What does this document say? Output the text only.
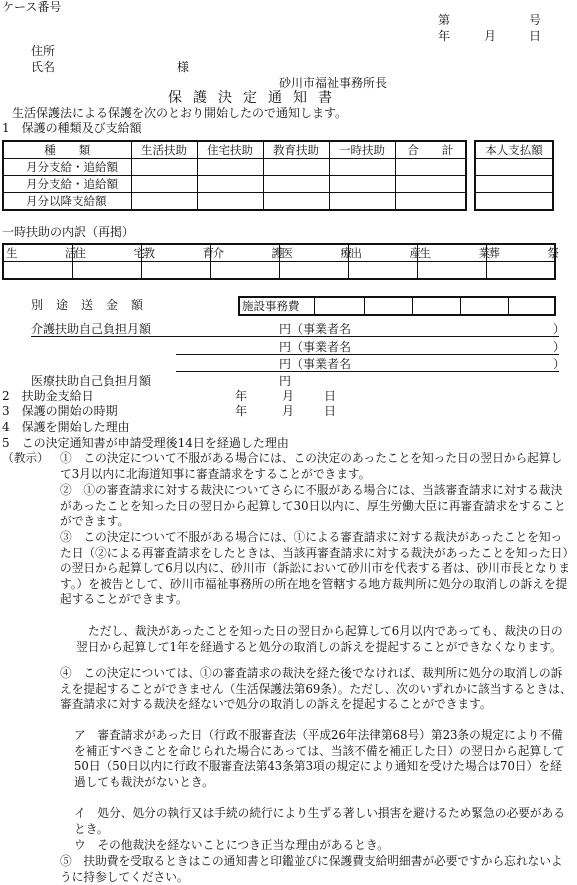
ケース番号
第	号
年	月	日
住所
氏名	様
砂川市福祉事務所長
保護決定通知書
生活保護法による保護を次のとおり開始したので通知します。
1　保護の種類及び支給額
種　　類	生活扶助	住宅扶助	教育扶助	一時扶助	合　　計
月分支給・追給額					
月分支給・追給額					
月分以降支給額					
本人支払額

一時扶助の内訳（再掲）
生　活	住　宅	教　育	介　護	医　療	出　産	生　業	葬　祭

別途送金額	施設事務費					
介護扶助自己負担月額	円（事業者名	）
円（事業者名	）
円（事業者名	）
医療扶助自己負担月額	円
2　扶助金支給日	年	月 日
3　保護の開始の時期	年	月 日
4　保護を開始した理由
5　この決定通知書が申請受理後14日を経過した理由
（教示） ①　この決定について不服がある場合には、この決定のあったことを知った日の翌日から起算して3月以内に北海道知事に審査請求をすることができます。
②　①の審査請求に対する裁決についてさらに不服がある場合には、当該審査請求に対する裁決があったことを知った日の翌日から起算して30日以内に、厚生労働大臣に再審査請求をすることができます。
③　この決定について不服がある場合には、①による審査請求に対する裁決があったことを知った日（②による再審査請求をしたときは、当該再審査請求に対する裁決があったことを知った日）の翌日から起算して6月以内に、砂川市（訴訟において砂川市を代表する者は、砂川市長となります。）を被告として、砂川市福祉事務所の所在地を管轄する地方裁判所に処分の取消しの訴えを提起することができます。
ただし、裁決があったことを知った日の翌日から起算して6月以内であっても、裁決の日の翌日から起算して1年を経過すると処分の取消しの訴えを提起することができなくなります。
④　この決定については、①の審査請求の裁決を経た後でなければ、裁判所に処分の取消しの訴えを提起することができません（生活保護法第69条）。ただし、次のいずれかに該当するときは、審査請求に対する裁決を経ないで処分の取消しの訴えを提起することができます。
ア　審査請求があった日（行政不服審査法（平成26年法律第68号）第23条の規定により不備を補正すべきことを命じられた場合にあっては、当該不備を補正した日）の翌日から起算して50日（50日以内に行政不服審査法第43条第3項の規定により通知を受けた場合は70日）を経過しても裁決がないとき。
イ　処分、処分の執行又は手続の続行により生ずる著しい損害を避けるため緊急の必要があるとき。
ウ　その他裁決を経ないことにつき正当な理由があるとき。
⑤　扶助費を受取るときはこの通知書と印鑑並びに保護費支給明細書が必要ですから忘れないように持参してください。
